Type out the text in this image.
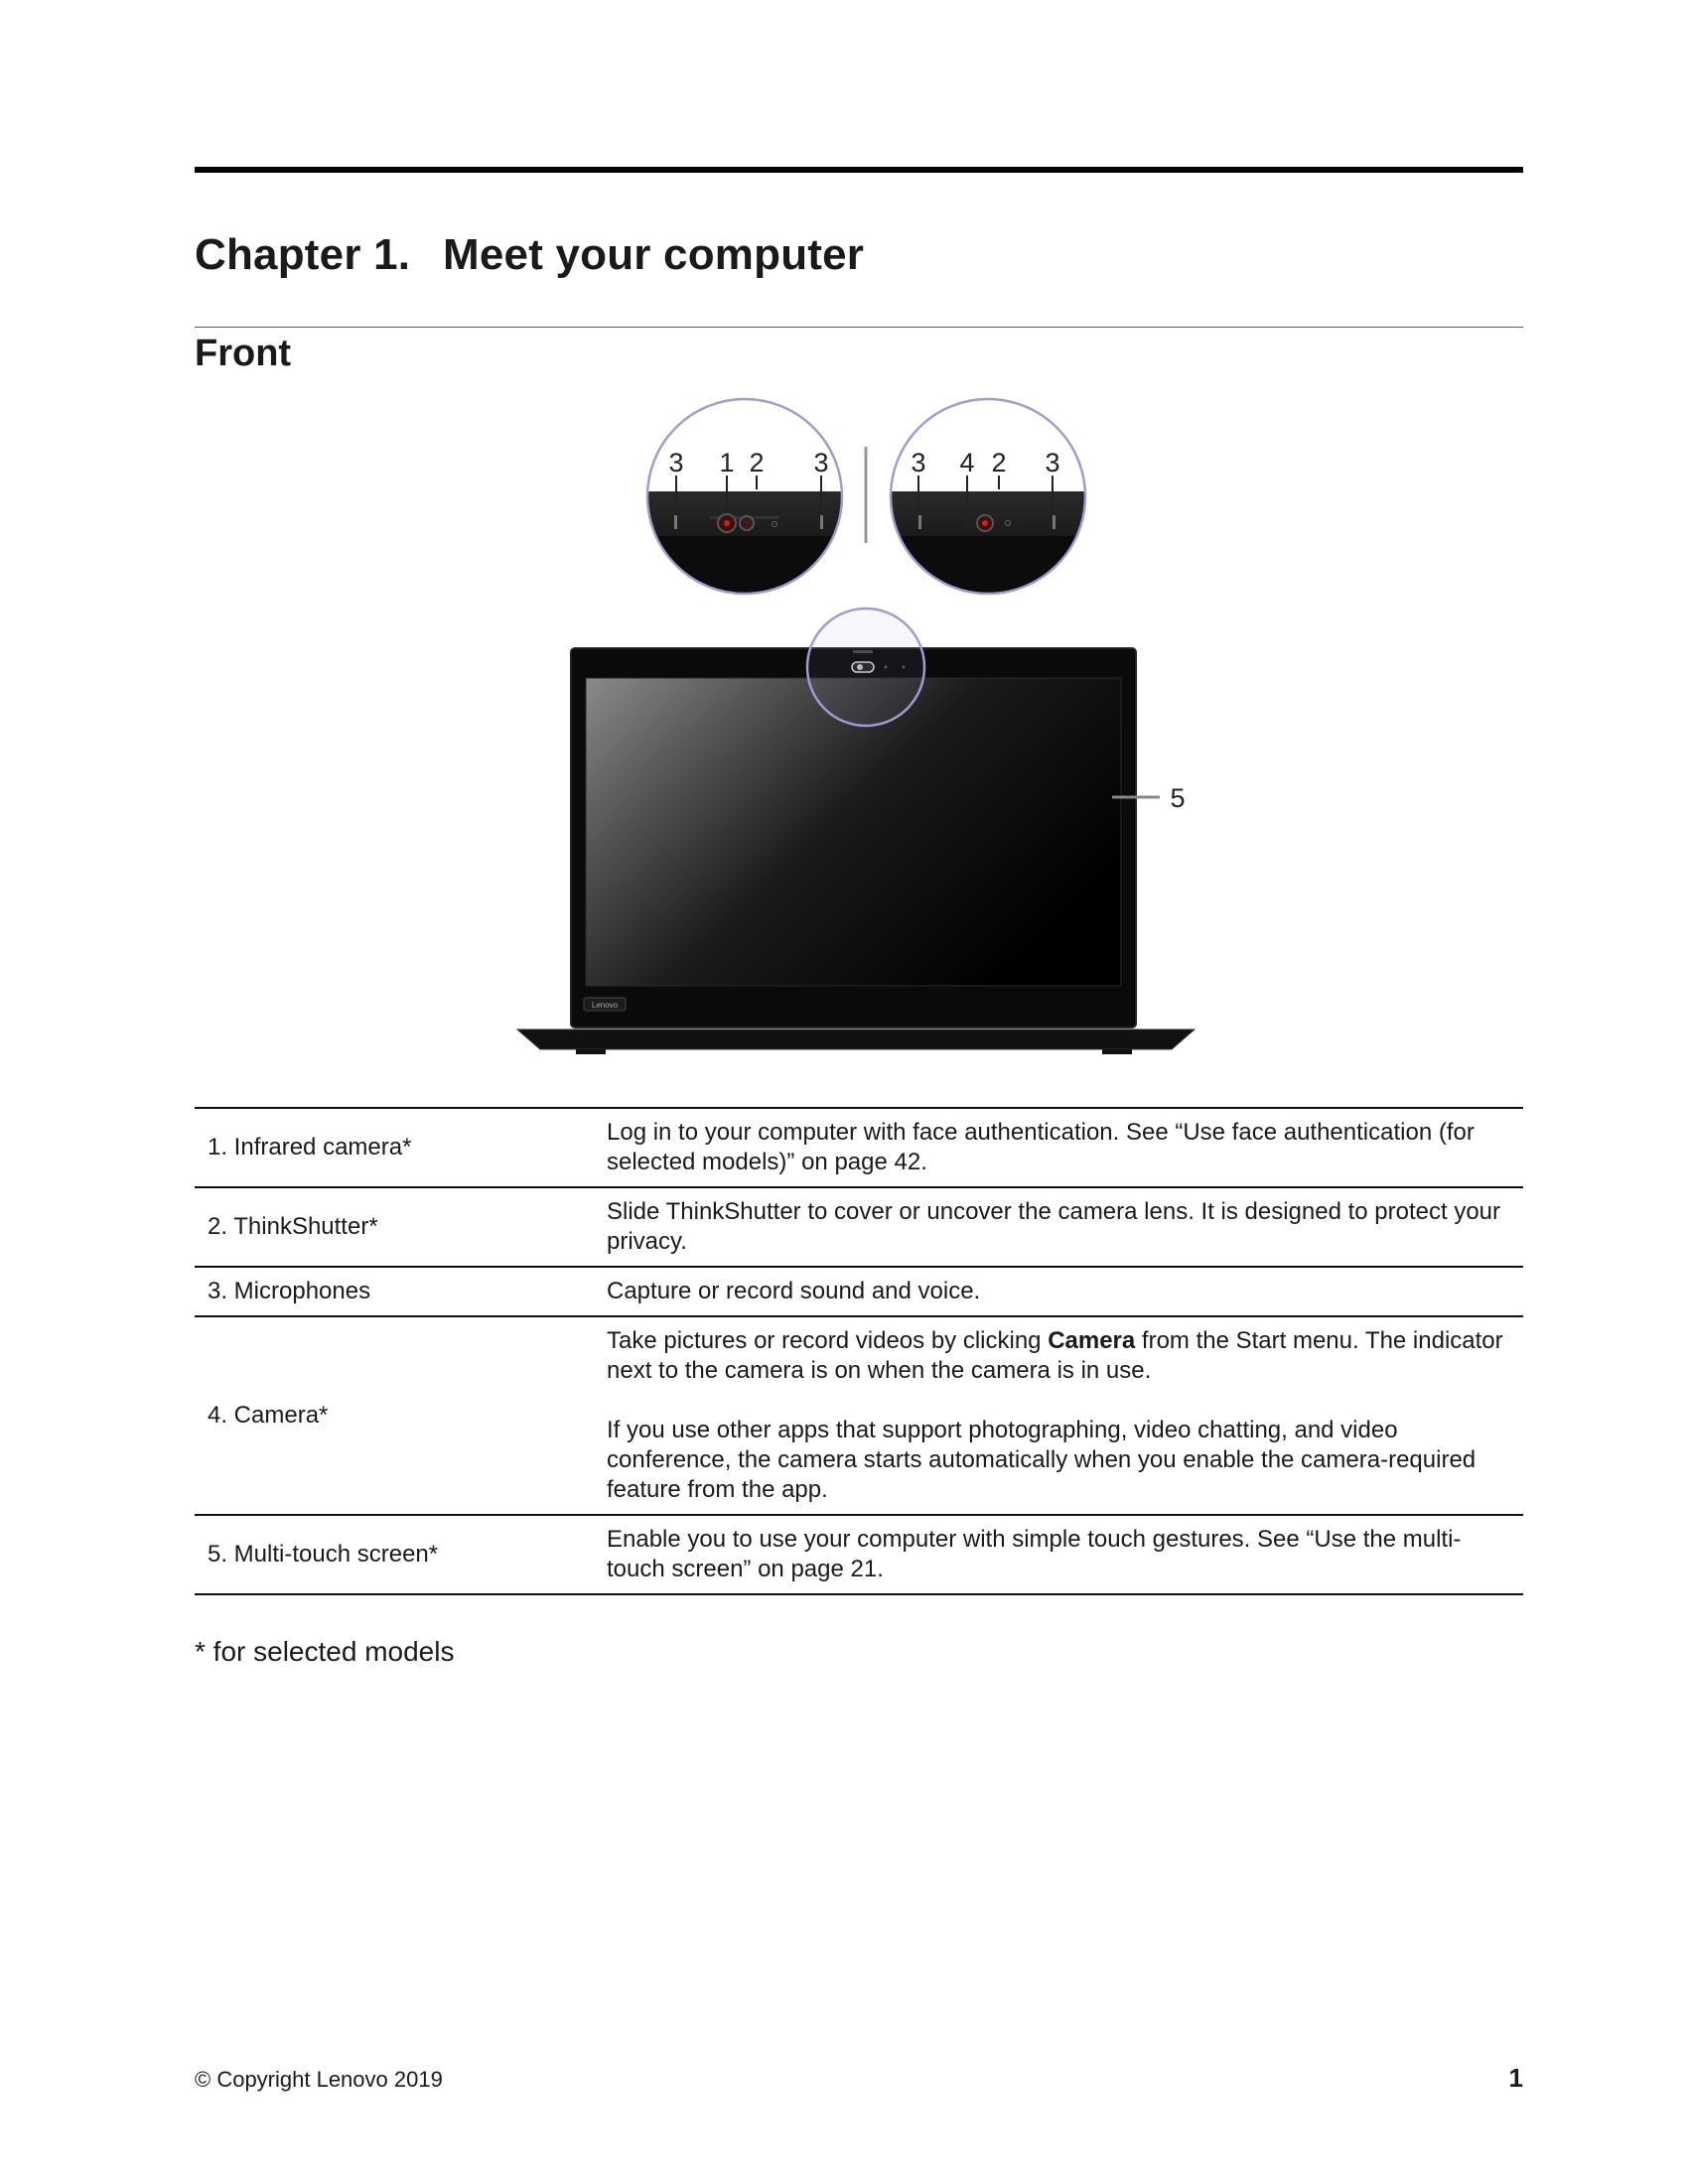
Chapter 1. Meet your computer
Front
3 1 2 3	3 4 2 3
Lenovo
5
1. Infrared camera*	Log in to your computer with face authentication. See “Use face authentication (for selected models)” on page 42.

2. ThinkShutter*	Slide ThinkShutter to cover or uncover the camera lens. It is designed to protect your privacy.

3. Microphones	Capture or record sound and voice.

4. Camera*	Take pictures or record videos by clicking Camera from the Start menu. The indicator next to the camera is on when the camera is in use.

If you use other apps that support photographing, video chatting, and video conference, the camera starts automatically when you enable the camera-required feature from the app.

5. Multi-touch screen*	Enable you to use your computer with simple touch gestures. See “Use the multi-touch screen” on page 21.

* for selected models
© Copyright Lenovo 2019	1
